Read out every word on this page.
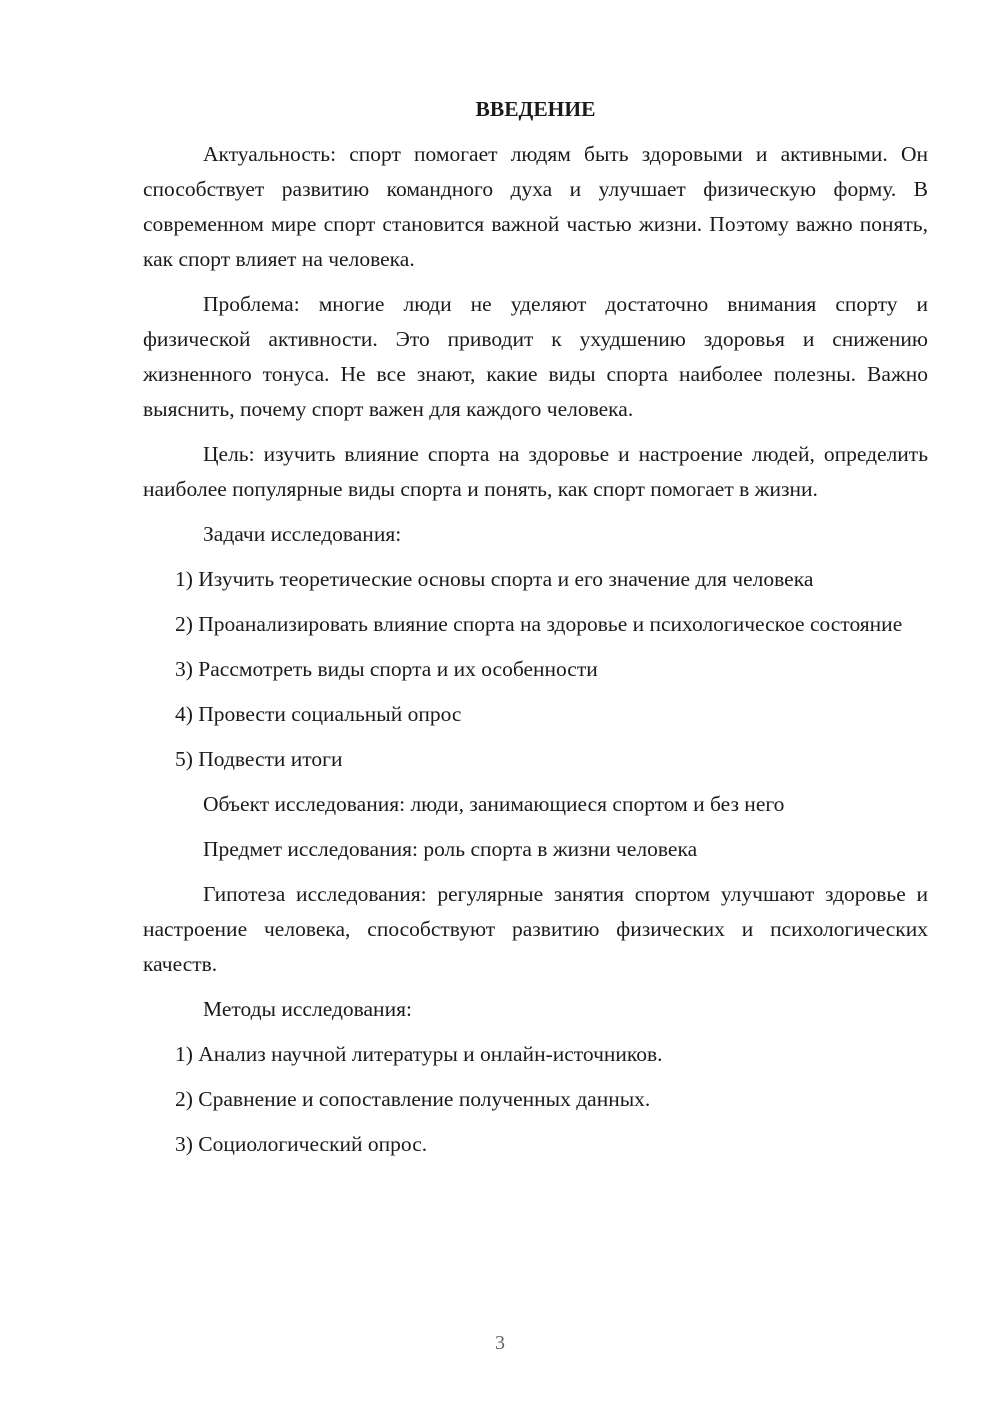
ВВЕДЕНИЕ

Актуальность: спорт помогает людям быть здоровыми и активными. Он способствует развитию командного духа и улучшает физическую форму. В современном мире спорт становится важной частью жизни. Поэтому важно понять, как спорт влияет на человека.

Проблема: многие люди не уделяют достаточно внимания спорту и физической активности. Это приводит к ухудшению здоровья и снижению жизненного тонуса. Не все знают, какие виды спорта наиболее полезны. Важно выяснить, почему спорт важен для каждого человека.

Цель: изучить влияние спорта на здоровье и настроение людей, определить наиболее популярные виды спорта и понять, как спорт помогает в жизни.

Задачи исследования:

1) Изучить теоретические основы спорта и его значение для человека

2) Проанализировать влияние спорта на здоровье и психологическое состояние

3) Рассмотреть виды спорта и их особенности

4) Провести социальный опрос

5) Подвести итоги

Объект исследования: люди, занимающиеся спортом и без него

Предмет исследования: роль спорта в жизни человека

Гипотеза исследования: регулярные занятия спортом улучшают здоровье и настроение человека, способствуют развитию физических и психологических качеств.

Методы исследования:

1) Анализ научной литературы и онлайн-источников.

2) Сравнение и сопоставление полученных данных.

3) Социологический опрос.

3
